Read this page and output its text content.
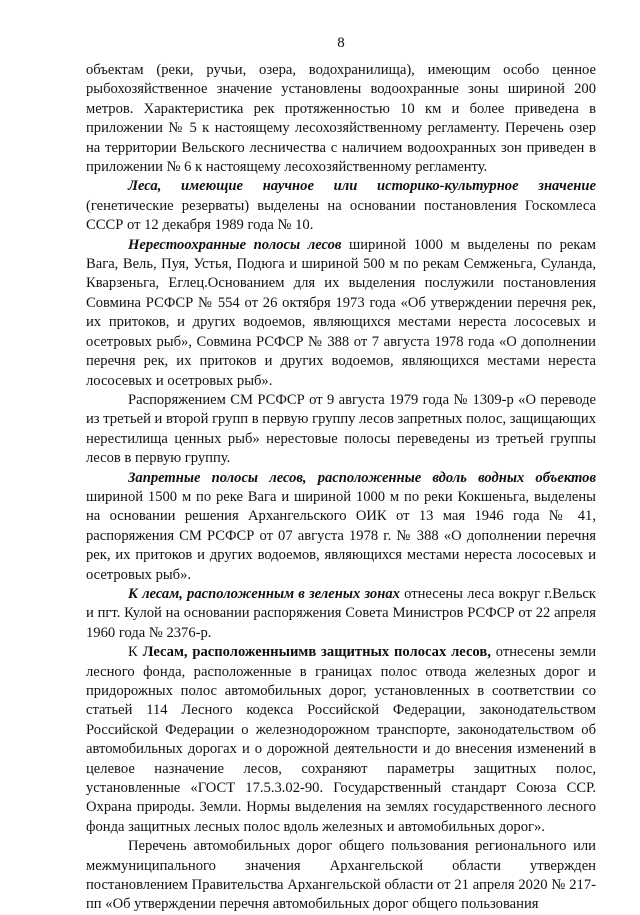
8

объектам (реки, ручьи, озера, водохранилища), имеющим особо ценное рыбохозяйственное значение установлены водоохранные зоны шириной 200 метров. Характеристика рек протяженностью 10 км и более приведена в приложении № 5 к настоящему лесохозяйственному регламенту. Перечень озер на территории Вельского лесничества с наличием водоохранных зон приведен в приложении № 6 к настоящему лесохозяйственному регламенту.

Леса, имеющие научное или историко-культурное значение (генетические резерваты) выделены на основании постановления Госкомлеса СССР от 12 декабря 1989 года № 10.

Нерестоохранные полосы лесов шириной 1000 м выделены по рекам Вага, Вель, Пуя, Устья, Подюга и шириной 500 м по рекам Семженьга, Суланда, Кварзеньга, Еглец.Основанием для их выделения послужили постановления Совмина РСФСР № 554 от 26 октября 1973 года «Об утверждении перечня рек, их притоков, и других водоемов, являющихся местами нереста лососевых и осетровых рыб», Совмина РСФСР № 388 от 7 августа 1978 года «О дополнении перечня рек, их притоков и других водоемов, являющихся местами нереста лососевых и осетровых рыб».

Распоряжением СМ РСФСР от 9 августа 1979 года № 1309-р «О переводе из третьей и второй групп в первую группу лесов запретных полос, защищающих нерестилища ценных рыб» нерестовые полосы переведены из третьей группы лесов в первую группу.

Запретные полосы лесов, расположенные вдоль водных объектов шириной 1500 м по реке Вага и шириной 1000 м по реки Кокшеньга, выделены на основании решения Архангельского ОИК от 13 мая 1946 года № 41, распоряжения СМ РСФСР от 07 августа 1978 г. № 388 «О дополнении перечня рек, их притоков и других водоемов, являющихся местами нереста лососевых и осетровых рыб».

К лесам, расположенным в зеленых зонах отнесены леса вокруг г.Вельск и пгт. Кулой на основании распоряжения Совета Министров РСФСР от 22 апреля 1960 года № 2376-р.

К Лесам, расположенныимв защитных полосах лесов, отнесены земли лесного фонда, расположенные в границах полос отвода железных дорог и придорожных полос автомобильных дорог, установленных в соответствии со статьей 114 Лесного кодекса Российской Федерации, законодательством Российской Федерации о железнодорожном транспорте, законодательством об автомобильных дорогах и о дорожной деятельности и до внесения изменений в целевое назначение лесов, сохраняют параметры защитных полос, установленные «ГОСТ 17.5.3.02-90. Государственный стандарт Союза ССР. Охрана природы. Земли. Нормы выделения на землях государственного лесного фонда защитных лесных полос вдоль железных и автомобильных дорог».

Перечень автомобильных дорог общего пользования регионального или межмуниципального значения Архангельской области утвержден постановлением Правительства Архангельской области от 21 апреля 2020 № 217-пп «Об утверждении перечня автомобильных дорог общего пользования
